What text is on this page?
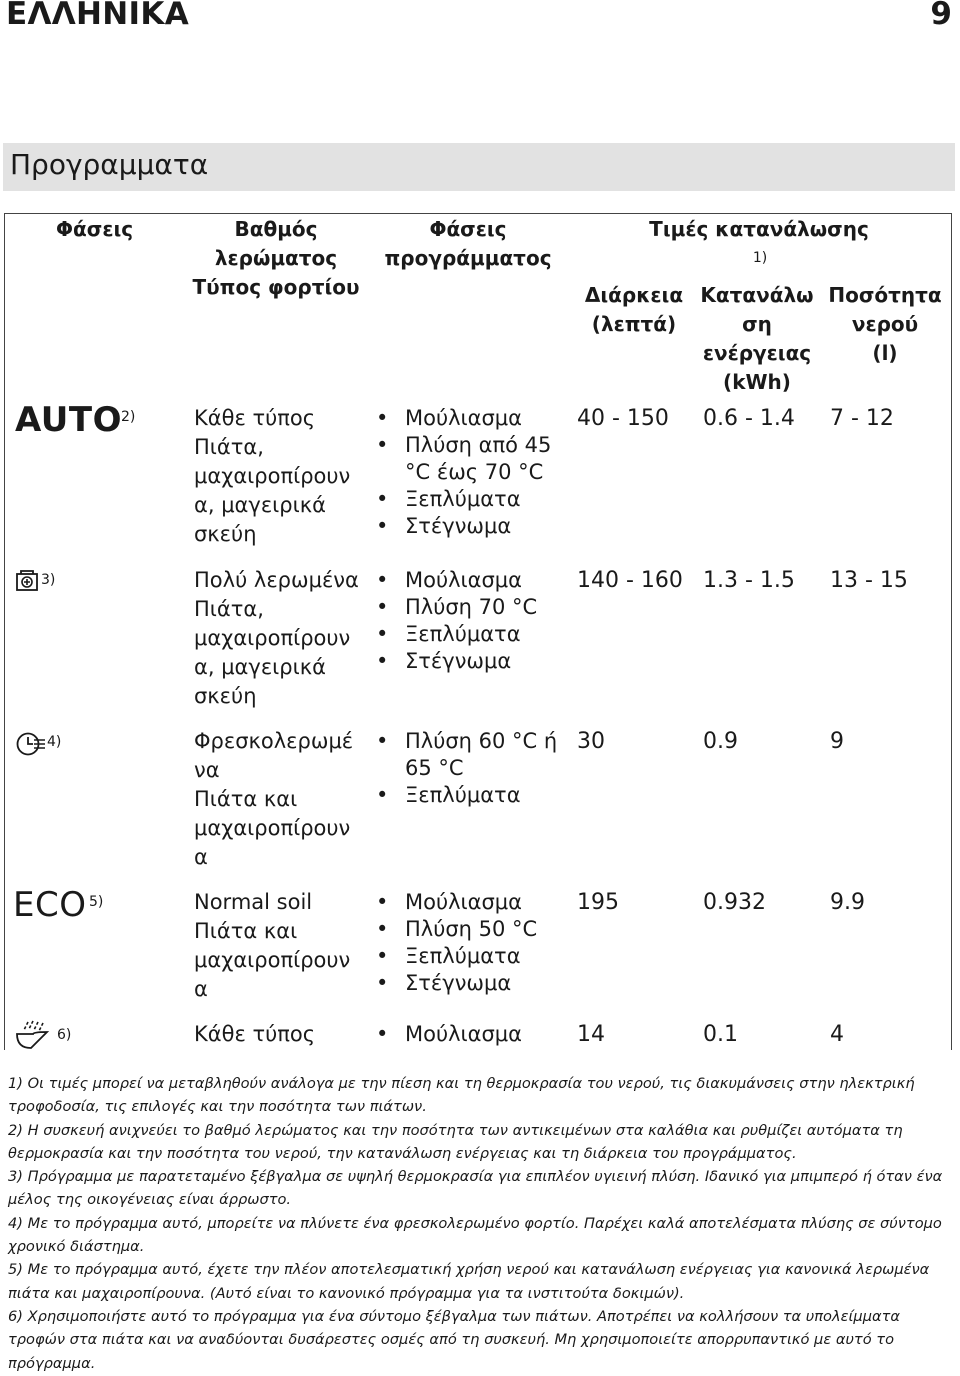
ΕΛΛΗΝΙΚΑ	9
Προγραμματα
Φάσεις	Βαθμός
λερώματος
Τύπος φορτίου
Φάσεις
προγράμματος
Τιμές κατανάλωσης
1)
Διάρκεια
(λεπτά)
Κατανάλω
ση
ενέργειας
(kWh)
Ποσότητα
νερού
(l)
AUTO 2)	Κάθε τύπος
Πιάτα,
μαχαιροπίρουν
α, μαγειρικά
σκεύη
• Μούλιασμα
• Πλύση από 45 °C έως 70 °C
• Ξεπλύματα
• Στέγνωμα
40 - 150 0.6 - 1.4 7 - 12
3)	Πολύ λερωμένα
Πιάτα,
μαχαιροπίρουν
α, μαγειρικά
σκεύη
• Μούλιασμα
• Πλύση 70 °C
• Ξεπλύματα
• Στέγνωμα
140 - 160 1.3 - 1.5 13 - 15
4)	Φρεσκολερωμέ
να
Πιάτα και
μαχαιροπίρουν
α
• Πλύση 60 °C ή 65 °C
• Ξεπλύματα
30	0.9	9
ECO 5)	Normal soil
Πιάτα και
μαχαιροπίρουν
α
• Μούλιασμα
• Πλύση 50 °C
• Ξεπλύματα
• Στέγνωμα
195	0.932	9.9
6)	Κάθε τύπος
•	Μούλιασμα	14	0.1	4

1) Οι τιμές μπορεί να μεταβληθούν ανάλογα με την πίεση και τη θερμοκρασία του νερού, τις διακυμάνσεις στην ηλεκτρική τροφοδοσία, τις επιλογές και την ποσότητα των πιάτων.

2) Η συσκευή ανιχνεύει το βαθμό λερώματος και την ποσότητα των αντικειμένων στα καλάθια και ρυθμίζει αυτόματα τη θερμοκρασία και την ποσότητα του νερού, την κατανάλωση ενέργειας και τη διάρκεια του προγράμματος.

3) Πρόγραμμα με παρατεταμένο ξέβγαλμα σε υψηλή θερμοκρασία για επιπλέον υγιεινή πλύση. Ιδανικό για μπιμπερό ή όταν ένα μέλος της οικογένειας είναι άρρωστο.

4) Με το πρόγραμμα αυτό, μπορείτε να πλύνετε ένα φρεσκολερωμένο φορτίο. Παρέχει καλά αποτελέσματα πλύσης σε σύντομο χρονικό διάστημα.

5) Με το πρόγραμμα αυτό, έχετε την πλέον αποτελεσματική χρήση νερού και κατανάλωση ενέργειας για κανονικά λερωμένα πιάτα και μαχαιροπίρουνα. (Αυτό είναι το κανονικό πρόγραμμα για τα ινστιτούτα δοκιμών).

6) Χρησιμοποιήστε αυτό το πρόγραμμα για ένα σύντομο ξέβγαλμα των πιάτων. Αποτρέπει να κολλήσουν τα υπολείμματα τροφών στα πιάτα και να αναδύονται δυσάρεστες οσμές από τη συσκευή. Μη χρησιμοποιείτε απορρυπαντικό με αυτό το πρόγραμμα.
